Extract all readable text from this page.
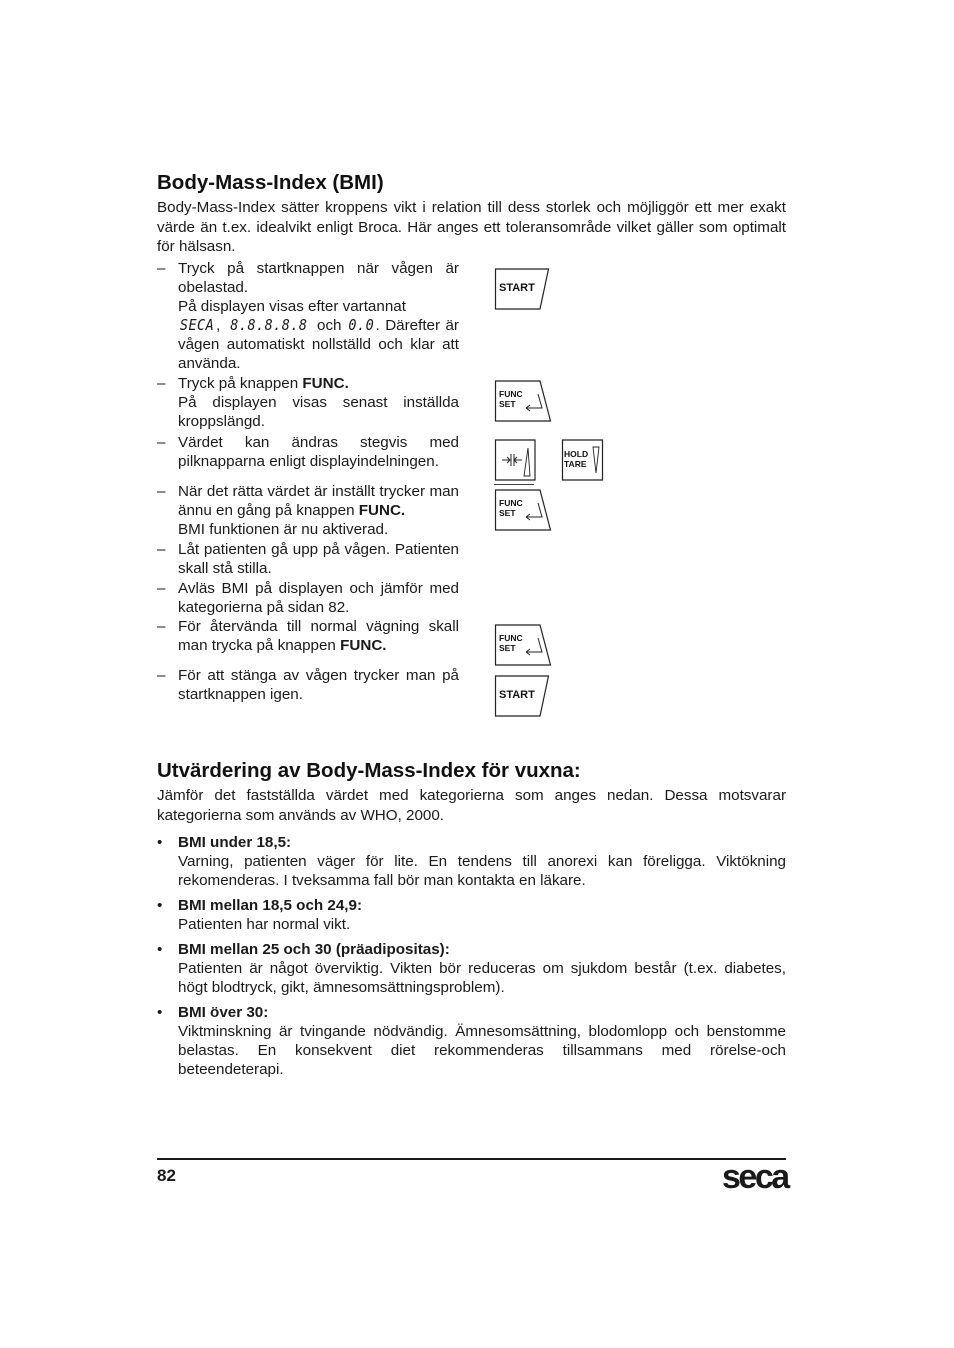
Body-Mass-Index (BMI)
Body-Mass-Index sätter kroppens vikt i relation till dess storlek och möjliggör ett mer exakt värde än t.ex. idealvikt enligt Broca. Här anges ett toleransområde vilket gäller som optimalt för hälsasn.
– Tryck på startknappen när vågen är obelastad.
På displayen visas efter vartannat
SECA , 8.8.8.8.8 och 0.0. Därefter är vågen automatiskt nollställd och klar att använda.
– Tryck på knappen FUNC.
På displayen visas senast inställda kroppslängd.
– Värdet kan ändras stegvis med pilknapparna enligt displayindelningen.
– När det rätta värdet är inställt trycker man ännu en gång på knappen FUNC.
BMI funktionen är nu aktiverad.
– Låt patienten gå upp på vågen. Patienten skall stå stilla.
– Avläs BMI på displayen och jämför med kategorierna på sidan 82.
– För återvända till normal vägning skall man trycka på knappen FUNC.
– För att stänga av vågen trycker man på startknappen igen.
START
FUNC
SET
HOLD
TARE
FUNC
SET
FUNC
SET
START
Utvärdering av Body-Mass-Index för vuxna:
Jämför det fastställda värdet med kategorierna som anges nedan. Dessa motsvarar kategorierna som används av WHO, 2000.
• BMI under 18,5:
Varning, patienten väger för lite. En tendens till anorexi kan föreligga. Viktökning rekomenderas. I tveksamma fall bör man kontakta en läkare.
• BMI mellan 18,5 och 24,9:
Patienten har normal vikt.
• BMI mellan 25 och 30 (präadipositas):
Patienten är något överviktig. Vikten bör reduceras om sjukdom består (t.ex. diabetes, högt blodtryck, gikt, ämnesomsättningsproblem).
• BMI över 30:
Viktminskning är tvingande nödvändig. Ämnesomsättning, blodomlopp och benstomme belastas. En konsekvent diet rekommenderas tillsammans med rörelse-och beteendeterapi.
82	seca
